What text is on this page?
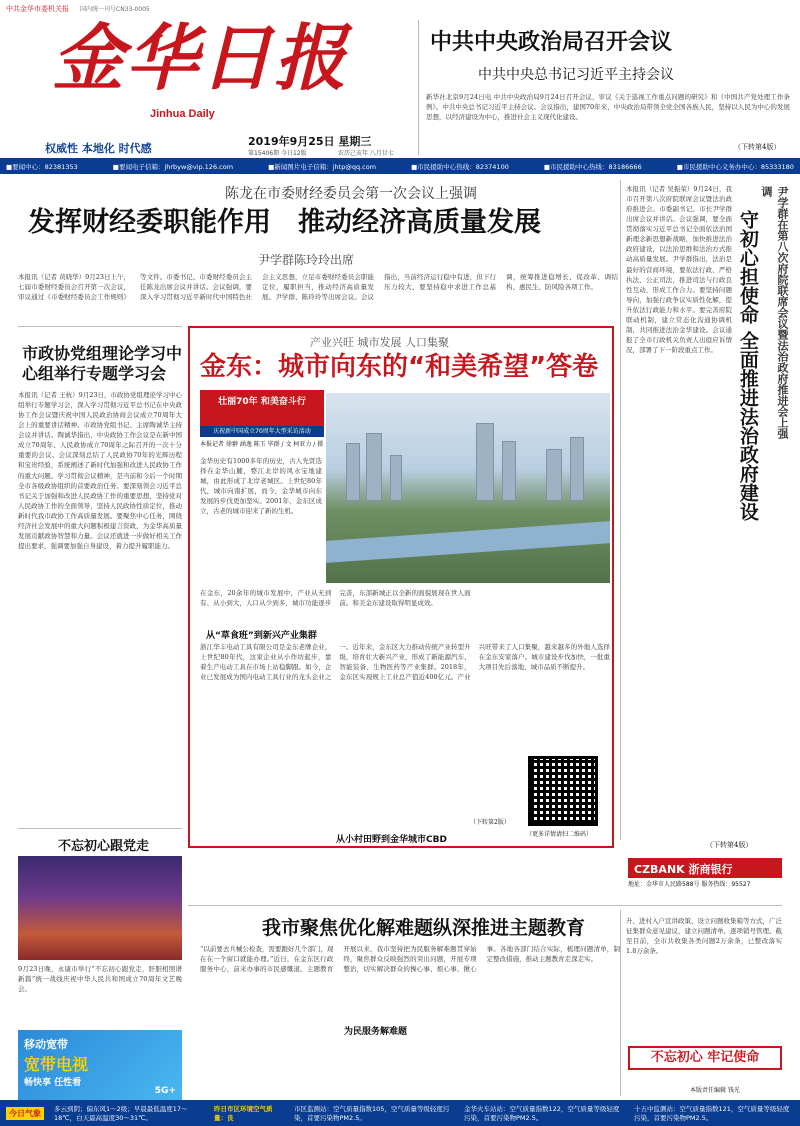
中共金华市委机关报 国内统一刊号CN33-0005
金华日报
Jinhua Daily
权威性 本地化 时代感
2019年9月25日 星期三
第15406期 今日12版	农历己亥年 八月廿七
中共中央政治局召开会议
中共中央总书记习近平主持会议
新华社北京9月24日电 中共中央政治局9月24日召开会议，审议《关于巡视工作重点问题的研究》和《中国共产党处理工作条例》。中共中央总书记习近平主持会议。会议指出，建国70年来，中央政治局带领全党全国各族人民，坚持以人民为中心的发展思想，以经济建设为中心，推进社会主义现代化建设。
（下转第4版）
■要闻中心：82381353	■要闻电子信箱：jhrbyw@vip.126.com	■新闻图片电子信箱：jhtp@qq.com	■市民援助中心热线：82374100	■市民援助中心热线：83186666	■市民援助中心义务办中心：85333180
陈龙在市委财经委员会第一次会议上强调
发挥财经委职能作用　推动经济高质量发展
尹学群陈玲玲出席
本报讯（记者 黄晓华）9月23日上午，七届市委财经委员会召开第一次会议，审议通过《市委财经委员会工作规则》等文件。市委书记、市委财经委员会主任陈龙出席会议并讲话。会议强调，要深入学习贯彻习近平新时代中国特色社会主义思想，立足市委财经委员会职能定位，履职担当，推动经济高质量发展。尹学群、陈玲玲等出席会议。会议指出，当前经济运行稳中有进，但下行压力较大，要坚持稳中求进工作总基调，统筹推进稳增长、促改革、调结构、惠民生、防风险各项工作。
本报讯（记者 吴振荣）9月24日，我市召开第八次府院联席会议暨法治政府推进会。市委副书记、市长尹学群出席会议并讲话。会议强调，要全面贯彻落实习近平总书记全面依法治国新理念新思想新战略，加快推进法治政府建设，以法治思维和法治方式推动高质量发展。尹学群指出，法治是最好的营商环境，要依法行政、严格执法、公正司法，推进司法与行政良性互动，形成工作合力。要坚持问题导向，加强行政争议实质性化解，提升依法行政能力和水平。要完善府院联动机制，建立常态化沟通协调机制，共同推进法治金华建设。会议通报了全市行政机关负责人出庭应诉情况，部署了下一阶段重点工作。	尹学群在第八次府院联席会议暨法治政府推进会上强调
守初心担使命 全面推进法治政府建设
（下转第4版）
CZBANK 浙商银行
地址：金华市人民路588号 服务热线：95527
市政协党组理论学习中心组举行专题学习会
本报讯（记者 王杭）9月23日，市政协党组理论学习中心组举行专题学习会，深入学习贯彻习近平总书记在中央政协工作会议暨庆祝中国人民政治协商会议成立70周年大会上的重要讲话精神。市政协党组书记、主席陶诚华主持会议并讲话。陶诚华指出，中央政协工作会议是在新中国成立70周年、人民政协成立70周年之际召开的一次十分重要的会议。会议深刻总结了人民政协70年的光辉历程和宝贵经验，系统阐述了新时代加强和改进人民政协工作的重大问题。学习贯彻会议精神，是当前和今后一个时期全市各级政协组织的首要政治任务。要深刻领会习近平总书记关于加强和改进人民政协工作的重要思想，坚持党对人民政协工作的全面领导，坚持人民政协性质定位，推动新时代我市政协工作高质量发展。要聚焦中心任务，围绕经济社会发展中的重大问题积极建言资政，为金华高质量发展贡献政协智慧和力量。会议还就进一步做好相关工作提出要求，强调要加强自身建设，着力提升履职能力。
产业兴旺 城市发展 人口集聚
金东：城市向东的“和美希望”答卷
壮丽70年 和美奋斗行
庆祝新中国成立70周年大型采访活动
本报记者 徐翀 涵逸 陈玉 毕群 / 文 柯亚力 / 摄
金华历史有1000多年的历史，古人先贤选择在金华山麓，婺江北岸的风水宝地建城，由此形成了北岸老城区。上世纪80年代，城市向南扩展，而今，金华城市向东发展的步伐更加坚实。2001年，金东区成立，古老的城市迎来了新的生机。
在金东，20余年的城市发展中，产业从无到有、从小到大，人口从少到多，城市功能逐步完善，东部新城正以全新的面貌展现在世人面前。和美金东建设取得明显成效。
从“草食班”到新兴产业集群
浙江华丰电动工具有限公司是金东老牌企业，上世纪80年代，这家企业从小作坊起步，靠着生产电动工具在市场上站稳脚跟。如今，企业已发展成为国内电动工具行业的龙头企业之一。近年来，金东区大力推动传统产业转型升级，培育壮大新兴产业，形成了新能源汽车、智能装备、生物医药等产业集群。2018年，金东区实现规上工业总产值近400亿元。产业兴旺带来了人口集聚，越来越多的外地人选择在金东安家落户。城市建设步伐加快，一批重大项目先后落地，城市品质不断提升。
从小村田野到金华城市CBD
（更多详情请扫二维码）
（下转第2版）
不忘初心跟党走
9月23日晚，永康市举行“不忘初心跟党走，肝胆相照谱新篇”统一战线庆祝中华人民共和国成立70周年文艺晚会。
移动宽带
宽带电视
畅快享 任性看
5G+
我市聚焦优化解难题纵深推进主题教育
“以前要去兵械公检查，需要跑好几个部门，现在在一个窗口就能办理。”近日，在金东区行政服务中心，前来办事的市民感慨道。主题教育开展以来，我市坚持把为民服务解难题贯穿始终，聚焦群众反映强烈的突出问题，开展专项整治，切实解决群众的操心事、烦心事、揪心事。各地各部门结合实际，梳理问题清单，制定整改措施，推动主题教育走深走实。
为民服务解难题
升、进村入户宣讲政策、设立问题收集箱等方式，广泛征集群众意见建议，建立问题清单，逐项销号管理。截至目前，全市共收集各类问题2万余条，已整改落实1.8万余条。
不忘初心 牢记使命
本版责任编辑 钱光
今日气象	多云到阴；偏东风1～2级；早晨最低温度17～18℃，白天最高温度30～31℃。
昨日市区环境空气质量：良
市区监测站：空气质量指数105，空气质量等级轻度污染，首要污染物PM2.5。
金华火车站站：空气质量指数122，空气质量等级轻度污染，首要污染物PM2.5。
十五中监测站：空气质量指数121，空气质量等级轻度污染，首要污染物PM2.5。
